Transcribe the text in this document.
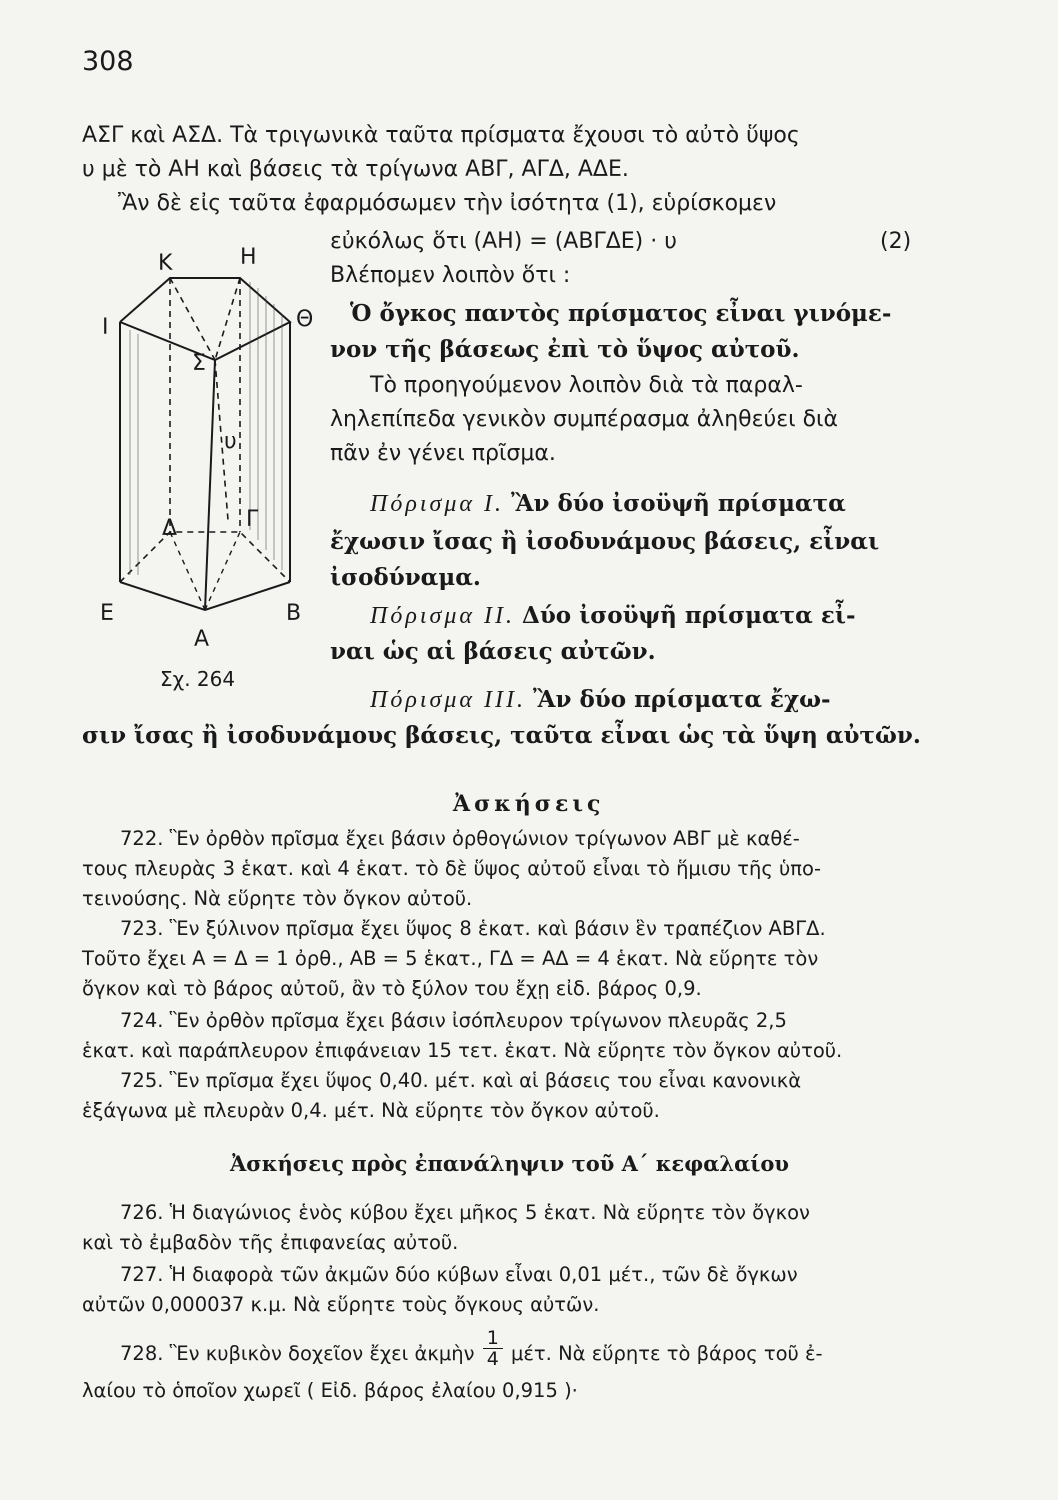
308
ΑΣΓ καὶ ΑΣΔ. Τὰ τριγωνικὰ ταῦτα πρίσματα ἔχουσι τὸ αὐτὸ ὕψος
υ μὲ τὸ ΑΗ καὶ βάσεις τὰ τρίγωνα ΑΒΓ, ΑΓΔ, ΑΔΕ.
Ἂν δὲ εἰς ταῦτα ἐφαρμόσωμεν τὴν ἰσότητα (1), εὑρίσκομεν
εὐκόλως ὅτι (ΑΗ) = (ΑΒΓΔΕ) · υ	(2)
Βλέπομεν λοιπὸν ὅτι :
Ὁ ὄγκος παντὸς πρίσματος εἶναι γινόμε-
νον τῆς βάσεως ἐπὶ τὸ ὕψος αὐτοῦ.
Τὸ προηγούμενον λοιπὸν διὰ τὰ παραλ-
ληλεπίπεδα γενικὸν συμπέρασμα ἀληθεύει διὰ
πᾶν ἐν γένει πρῖσμα.
Πόρισμα Ι. Ἂν δύο ἰσοϋψῆ πρίσματα
ἔχωσιν ἴσας ἢ ἰσοδυνάμους βάσεις, εἶναι
ἰσοδύναμα.
Πόρισμα ΙΙ. Δύο ἰσοϋψῆ πρίσματα εἶ-
ναι ὡς αἱ βάσεις αὐτῶν.
Πόρισμα ΙΙΙ. Ἂν δύο πρίσματα ἔχω-
σιν ἴσας ἢ ἰσοδυνάμους βάσεις, ταῦτα εἶναι ὡς τὰ ὕψη αὐτῶν.
Κ	Η
Ι	Θ
Σ
υ
Δ	Γ
Ε	Β
Α
Σχ. 264
Ἀσκήσεις
722. Ἓν ὀρθὸν πρῖσμα ἔχει βάσιν ὀρθογώνιον τρίγωνον ΑΒΓ μὲ καθέ-
τους πλευρὰς 3 ἑκατ. καὶ 4 ἑκατ. τὸ δὲ ὕψος αὐτοῦ εἶναι τὸ ἥμισυ τῆς ὑπο-
τεινούσης. Νὰ εὕρητε τὸν ὄγκον αὐτοῦ.
723. Ἓν ξύλινον πρῖσμα ἔχει ὕψος 8 ἑκατ. καὶ βάσιν ἓν τραπέζιον ΑΒΓΔ.
Τοῦτο ἔχει Α = Δ = 1 ὀρθ., ΑΒ = 5 ἑκατ., ΓΔ = ΑΔ = 4 ἑκατ. Νὰ εὕρητε τὸν
ὄγκον καὶ τὸ βάρος αὐτοῦ, ἂν τὸ ξύλον του ἔχῃ εἰδ. βάρος 0,9.
724. Ἓν ὀρθὸν πρῖσμα ἔχει βάσιν ἰσόπλευρον τρίγωνον πλευρᾶς 2,5
ἑκατ. καὶ παράπλευρον ἐπιφάνειαν 15 τετ. ἑκατ. Νὰ εὕρητε τὸν ὄγκον αὐτοῦ.
725. Ἓν πρῖσμα ἔχει ὕψος 0,40. μέτ. καὶ αἱ βάσεις του εἶναι κανονικὰ
ἑξάγωνα μὲ πλευρὰν 0,4. μέτ. Νὰ εὕρητε τὸν ὄγκον αὐτοῦ.
Ἀσκήσεις πρὸς ἐπανάληψιν τοῦ Α΄ κεφαλαίου
726. Ἡ διαγώνιος ἑνὸς κύβου ἔχει μῆκος 5 ἑκατ. Νὰ εὕρητε τὸν ὄγκον
καὶ τὸ ἐμβαδὸν τῆς ἐπιφανείας αὐτοῦ.
727. Ἡ διαφορὰ τῶν ἀκμῶν δύο κύβων εἶναι 0,01 μέτ., τῶν δὲ ὄγκων
αὐτῶν 0,000037 κ.μ. Νὰ εὕρητε τοὺς ὄγκους αὐτῶν.
728. Ἓν κυβικὸν δοχεῖον ἔχει ἀκμὴν $\frac{1}{4} \mu έ\tau$. Νὰ εὕρητε τὸ βάρος τοῦ ἐ-
λαίου τὸ ὁποῖον χωρεῖ ( Εἰδ. βάρος ἐλαίου 0,915 )·
